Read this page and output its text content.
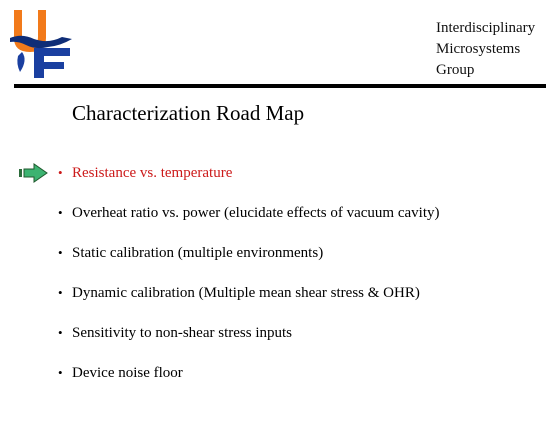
Interdisciplinary
Microsystems
Group
Characterization Road Map
• Resistance vs. temperature
• Overheat ratio vs. power (elucidate effects of vacuum cavity)
• Static calibration (multiple environments)
• Dynamic calibration (Multiple mean shear stress & OHR)
• Sensitivity to non-shear stress inputs
• Device noise floor
